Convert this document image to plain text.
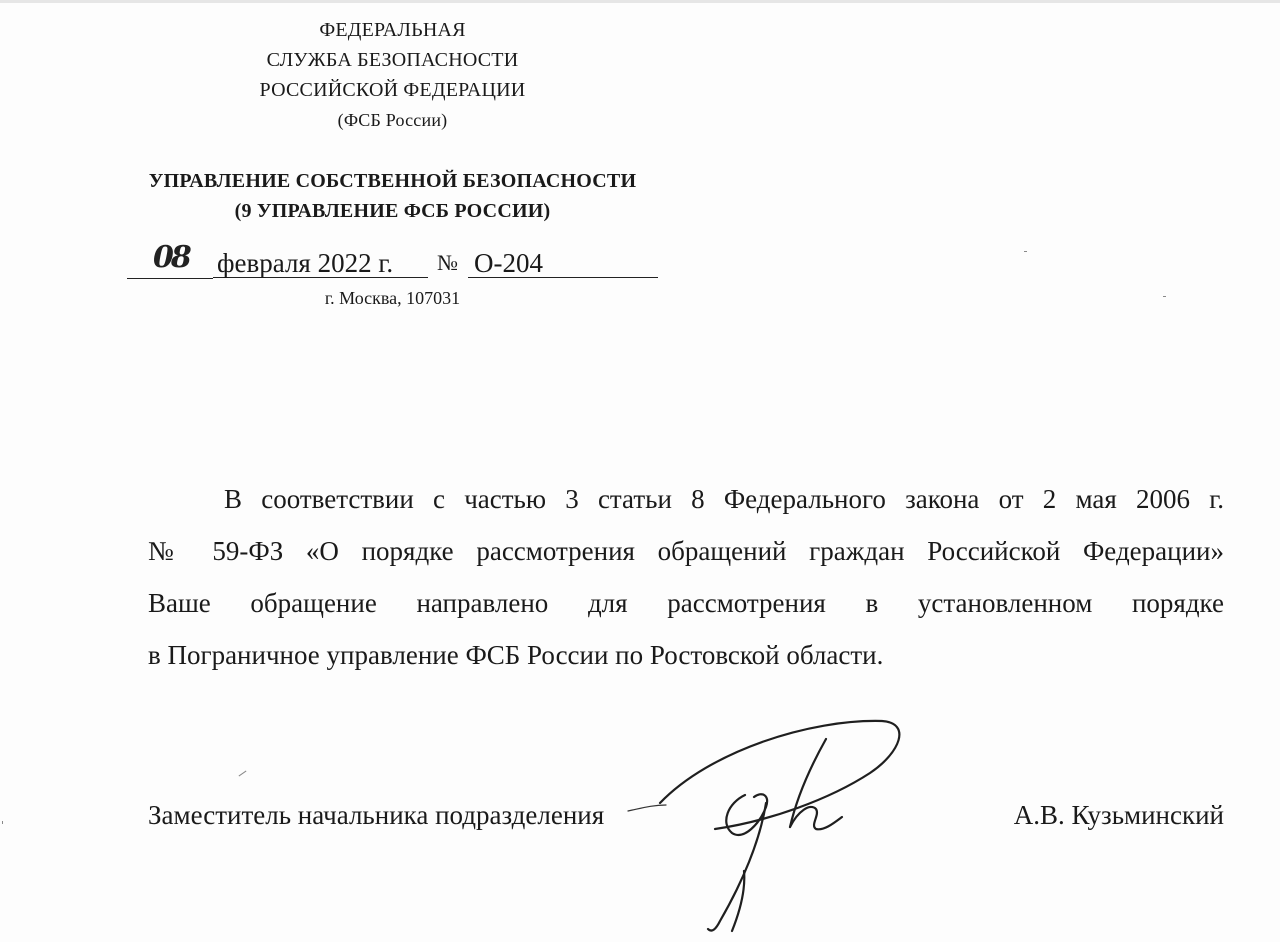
ФЕДЕРАЛЬНАЯ
СЛУЖБА БЕЗОПАСНОСТИ
РОССИЙСКОЙ ФЕДЕРАЦИИ
(ФСБ России)
УПРАВЛЕНИЕ СОБСТВЕННОЙ БЕЗОПАСНОСТИ
(9 УПРАВЛЕНИЕ ФСБ РОССИИ)
08 февраля 2022 г.	№ О-204
г. Москва, 107031
В соответствии с частью 3 статьи 8 Федерального закона от 2 мая 2006 г.
№ 59-ФЗ «О порядке рассмотрения обращений граждан Российской Федерации»
Ваше обращение направлено для рассмотрения в установленном порядке
в Пограничное управление ФСБ России по Ростовской области.
Заместитель начальника подразделения	А.В. Кузьминский
